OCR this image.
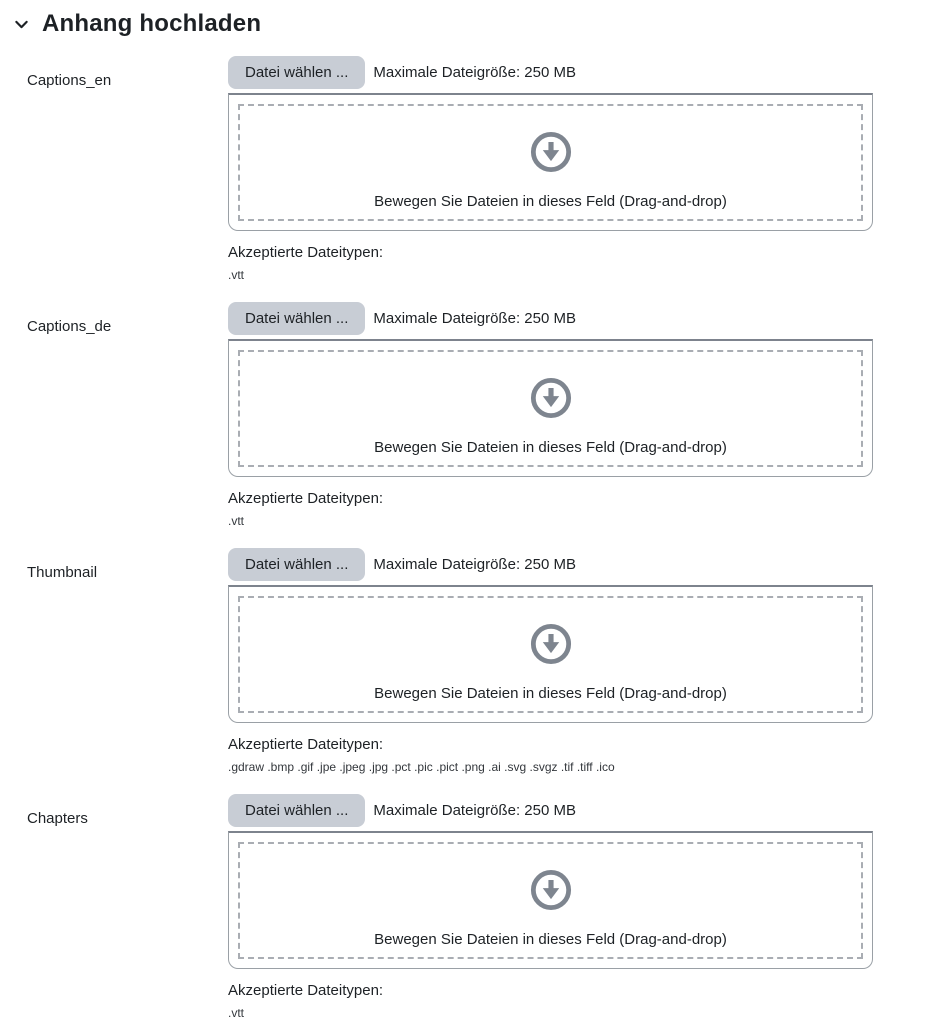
Anhang hochladen
Captions_en	Datei wählen ...	Maximale Dateigröße: 250 MB
Bewegen Sie Dateien in dieses Feld (Drag-and-drop)
Akzeptierte Dateitypen:
.vtt
Captions_de	Datei wählen ...	Maximale Dateigröße: 250 MB
Bewegen Sie Dateien in dieses Feld (Drag-and-drop)
Akzeptierte Dateitypen:
.vtt
Thumbnail	Datei wählen ...	Maximale Dateigröße: 250 MB
Bewegen Sie Dateien in dieses Feld (Drag-and-drop)
Akzeptierte Dateitypen:
.gdraw .bmp .gif .jpe .jpeg .jpg .pct .pic .pict .png .ai .svg .svgz .tif .tiff .ico
Chapters	Datei wählen ...	Maximale Dateigröße: 250 MB
Bewegen Sie Dateien in dieses Feld (Drag-and-drop)
Akzeptierte Dateitypen:
.vtt
